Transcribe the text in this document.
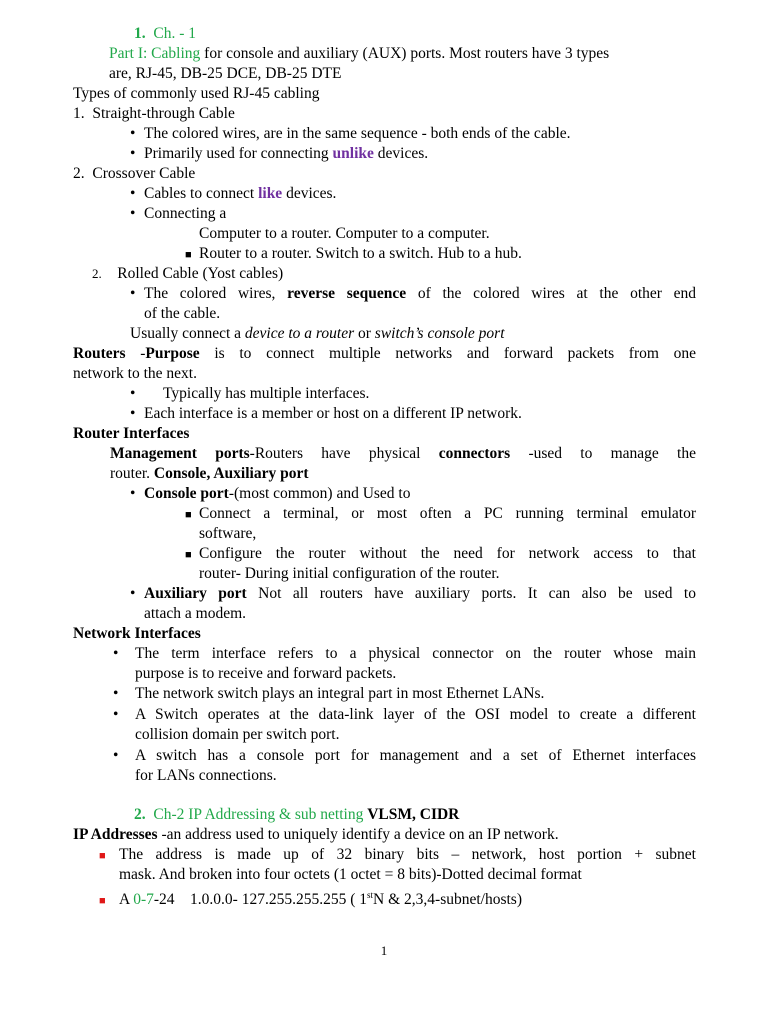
1. Ch. - 1
Part I: Cabling for console and auxiliary (AUX) ports. Most routers have 3 types
are, RJ-45, DB-25 DCE, DB-25 DTE
Types of commonly used RJ-45 cabling
1. Straight-through Cable
• The colored wires, are in the same sequence - both ends of the cable.
• Primarily used for connecting unlike devices.
2. Crossover Cable
• Cables to connect like devices.
• Connecting a
Computer to a router. Computer to a computer.
■ Router to a router. Switch to a switch. Hub to a hub.
2. Rolled Cable (Yost cables)
• The colored wires, reverse sequence of the colored wires at the other end
of the cable.
Usually connect a device to a router or switch’s console port
Routers -Purpose is to connect multiple networks and forward packets from one
network to the next.
• Typically has multiple interfaces.
• Each interface is a member or host on a different IP network.
Router Interfaces
Management ports-Routers have physical connectors -used to manage the
router. Console, Auxiliary port
• Console port-(most common) and Used to
■ Connect a terminal, or most often a PC running terminal emulator
software,
■ Configure the router without the need for network access to that
router- During initial configuration of the router.
• Auxiliary port Not all routers have auxiliary ports. It can also be used to
attach a modem.
Network Interfaces
• The term interface refers to a physical connector on the router whose main
purpose is to receive and forward packets.
• The network switch plays an integral part in most Ethernet LANs.
• A Switch operates at the data-link layer of the OSI model to create a different
collision domain per switch port.
• A switch has a console port for management and a set of Ethernet interfaces
for LANs connections.
2. Ch-2 IP Addressing & sub netting VLSM, CIDR
IP Addresses -an address used to uniquely identify a device on an IP network.
■ The address is made up of 32 binary bits – network, host portion + subnet
mask. And broken into four octets (1 octet = 8 bits)-Dotted decimal format
■ A 0-7-24    1.0.0.0- 127.255.255.255 ( 1stN & 2,3,4-subnet/hosts)
1
